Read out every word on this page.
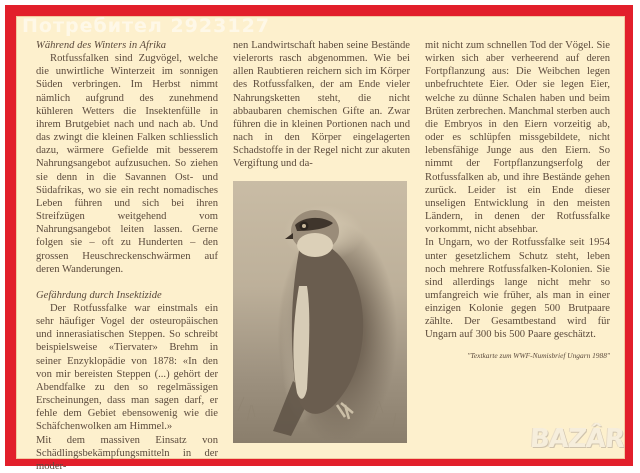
Потребител 2923127
Während des Winters in Afrika

Rotfussfalken sind Zugvögel, welche die unwirtliche Winterzeit im sonnigen Süden verbringen. Im Herbst nimmt nämlich aufgrund des zunehmend kühleren Wetters die Insektenfülle in ihrem Brutgebiet nach und nach ab. Und das zwingt die kleinen Falken schliesslich dazu, wärmere Gefielde mit besserem Nahrungsangebot aufzusuchen. So ziehen sie denn in die Savannen Ost- und Südafrikas, wo sie ein recht nomadisches Leben führen und sich bei ihren Streifzügen weitgehend vom Nahrungsangebot leiten lassen. Gerne folgen sie – oft zu Hunderten – den grossen Heuschreckenschwärmen auf deren Wanderungen.

Gefährdung durch Insektizide

Der Rotfussfalke war einstmals ein sehr häufiger Vogel der osteuropäischen und innerasiatischen Steppen. So schreibt beispielsweise «Tiervater» Brehm in seiner Enzyklopädie von 1878: «In den von mir bereisten Steppen (...) gehört der Abendfalke zu den so regelmässigen Erscheinungen, dass man sagen darf, er fehle dem Gebiet ebensowenig wie die Schäfchenwolken am Himmel.»

Mit dem massiven Einsatz von Schädlingsbekämpfungsmitteln in der moder-

nen Landwirtschaft haben seine Bestände vielerorts rasch abgenommen. Wie bei allen Raubtieren reichern sich im Körper des Rotfussfalken, der am Ende vieler Nahrungsketten steht, die nicht abbaubaren chemischen Gifte an. Zwar führen die in kleinen Portionen nach und nach in den Körper eingelagerten Schadstoffe in der Regel nicht zur akuten Vergiftung und da-

mit nicht zum schnellen Tod der Vögel. Sie wirken sich aber verheerend auf deren Fortpflanzung aus: Die Weibchen legen unbefruchtete Eier. Oder sie legen Eier, welche zu dünne Schalen haben und beim Brüten zerbrechen. Manchmal sterben auch die Embryos in den Eiern vorzeitig ab, oder es schlüpfen missgebildete, nicht lebensfähige Junge aus den Eiern. So nimmt der Fortpflanzungserfolg der Rotfussfalken ab, und ihre Bestände gehen zurück. Leider ist ein Ende dieser unseligen Entwicklung in den meisten Ländern, in denen der Rotfussfalke vorkommt, nicht absehbar.

In Ungarn, wo der Rotfussfalke seit 1954 unter gesetzlichem Schutz steht, leben noch mehrere Rotfussfalken-Kolonien. Sie sind allerdings lange nicht mehr so umfangreich wie früher, als man in einer einzigen Kolonie gegen 500 Brutpaare zählte. Der Gesamtbestand wird für Ungarn auf 300 bis 500 Paare geschätzt.

"Textkarte zum WWF-Numisbrief Ungarn 1988"
BAZÂR
